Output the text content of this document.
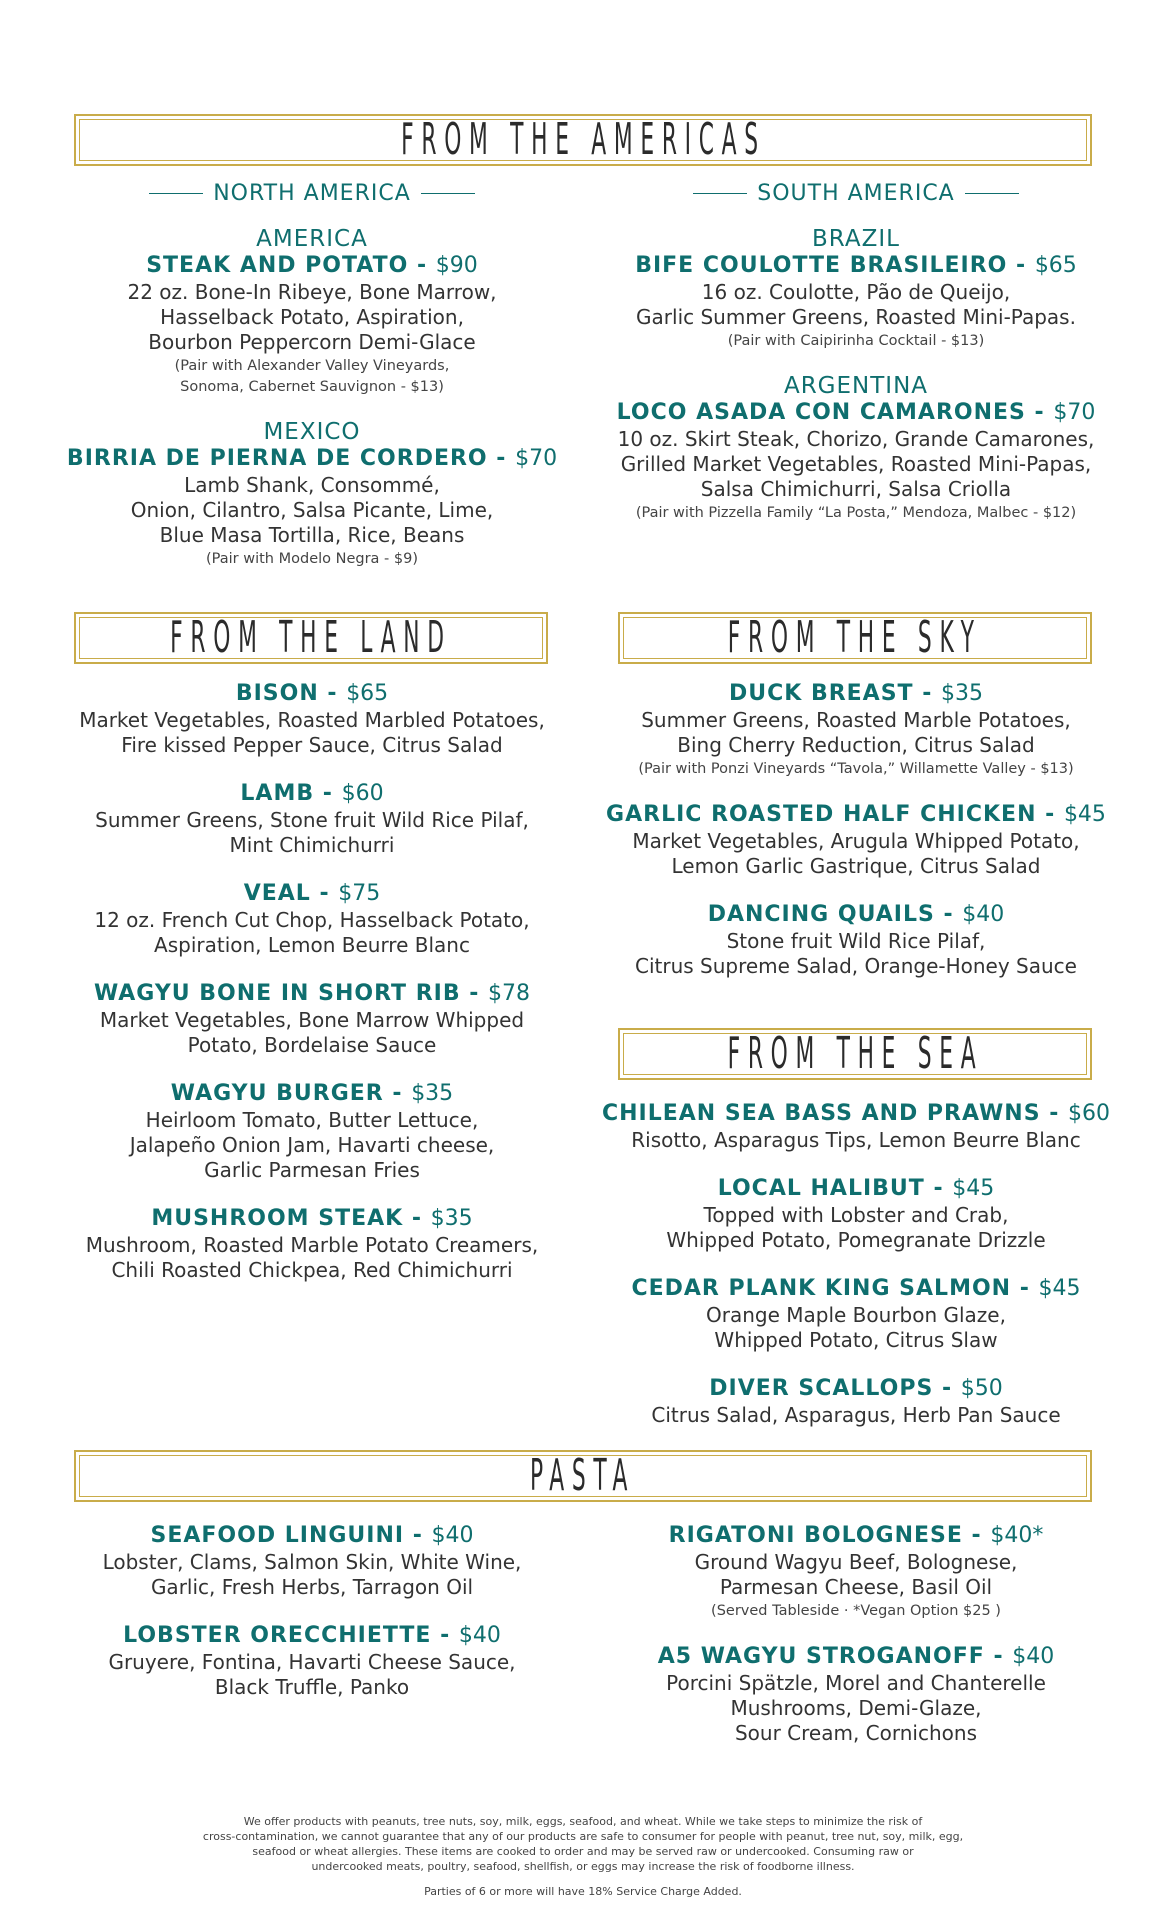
FROM THE AMERICAS
FROM THE LAND	FROM THE SKY
FROM THE SEA
PASTA
NORTH AMERICA	SOUTH AMERICA
AMERICA
STEAK AND POTATO - $90
22 oz. Bone-In Ribeye, Bone Marrow,
Hasselback Potato, Aspiration,
Bourbon Peppercorn Demi-Glace
(Pair with Alexander Valley Vineyards,
Sonoma, Cabernet Sauvignon - $13)
MEXICO
BIRRIA DE PIERNA DE CORDERO - $70
Lamb Shank, Consommé,
Onion, Cilantro, Salsa Picante, Lime,
Blue Masa Tortilla, Rice, Beans
(Pair with Modelo Negra - $9)
BRAZIL
BIFE COULOTTE BRASILEIRO - $65
16 oz. Coulotte, Pão de Queijo,
Garlic Summer Greens, Roasted Mini-Papas.
(Pair with Caipirinha Cocktail - $13)
ARGENTINA
LOCO ASADA CON CAMARONES - $70
10 oz. Skirt Steak, Chorizo, Grande Camarones,
Grilled Market Vegetables, Roasted Mini-Papas,
Salsa Chimichurri, Salsa Criolla
(Pair with Pizzella Family “La Posta,” Mendoza, Malbec - $12)
BISON - $65
Market Vegetables, Roasted Marbled Potatoes,
Fire kissed Pepper Sauce, Citrus Salad
LAMB - $60
Summer Greens, Stone fruit Wild Rice Pilaf,
Mint Chimichurri
VEAL - $75
12 oz. French Cut Chop, Hasselback Potato,
Aspiration, Lemon Beurre Blanc
WAGYU BONE IN SHORT RIB - $78
Market Vegetables, Bone Marrow Whipped
Potato, Bordelaise Sauce
WAGYU BURGER - $35
Heirloom Tomato, Butter Lettuce,
Jalapeño Onion Jam, Havarti cheese,
Garlic Parmesan Fries
MUSHROOM STEAK - $35
Mushroom, Roasted Marble Potato Creamers,
Chili Roasted Chickpea, Red Chimichurri
DUCK BREAST - $35
Summer Greens, Roasted Marble Potatoes,
Bing Cherry Reduction, Citrus Salad
(Pair with Ponzi Vineyards “Tavola,” Willamette Valley - $13)
GARLIC ROASTED HALF CHICKEN - $45
Market Vegetables, Arugula Whipped Potato,
Lemon Garlic Gastrique, Citrus Salad
DANCING QUAILS - $40
Stone fruit Wild Rice Pilaf,
Citrus Supreme Salad, Orange-Honey Sauce
CHILEAN SEA BASS AND PRAWNS - $60
Risotto, Asparagus Tips, Lemon Beurre Blanc
LOCAL HALIBUT - $45
Topped with Lobster and Crab,
Whipped Potato, Pomegranate Drizzle
CEDAR PLANK KING SALMON - $45
Orange Maple Bourbon Glaze,
Whipped Potato, Citrus Slaw
DIVER SCALLOPS - $50
Citrus Salad, Asparagus, Herb Pan Sauce
SEAFOOD LINGUINI - $40
Lobster, Clams, Salmon Skin, White Wine,
Garlic, Fresh Herbs, Tarragon Oil
LOBSTER ORECCHIETTE - $40
Gruyere, Fontina, Havarti Cheese Sauce,
Black Truffle, Panko
RIGATONI BOLOGNESE - $40*
Ground Wagyu Beef, Bolognese,
Parmesan Cheese, Basil Oil
(Served Tableside · *Vegan Option $25 )
A5 WAGYU STROGANOFF - $40
Porcini Spätzle, Morel and Chanterelle
Mushrooms, Demi-Glaze,
Sour Cream, Cornichons
We offer products with peanuts, tree nuts, soy, milk, eggs, seafood, and wheat. While we take steps to minimize the risk of
cross-contamination, we cannot guarantee that any of our products are safe to consumer for people with peanut, tree nut, soy, milk, egg,
seafood or wheat allergies. These items are cooked to order and may be served raw or undercooked. Consuming raw or
undercooked meats, poultry, seafood, shellfish, or eggs may increase the risk of foodborne illness.
Parties of 6 or more will have 18% Service Charge Added.
